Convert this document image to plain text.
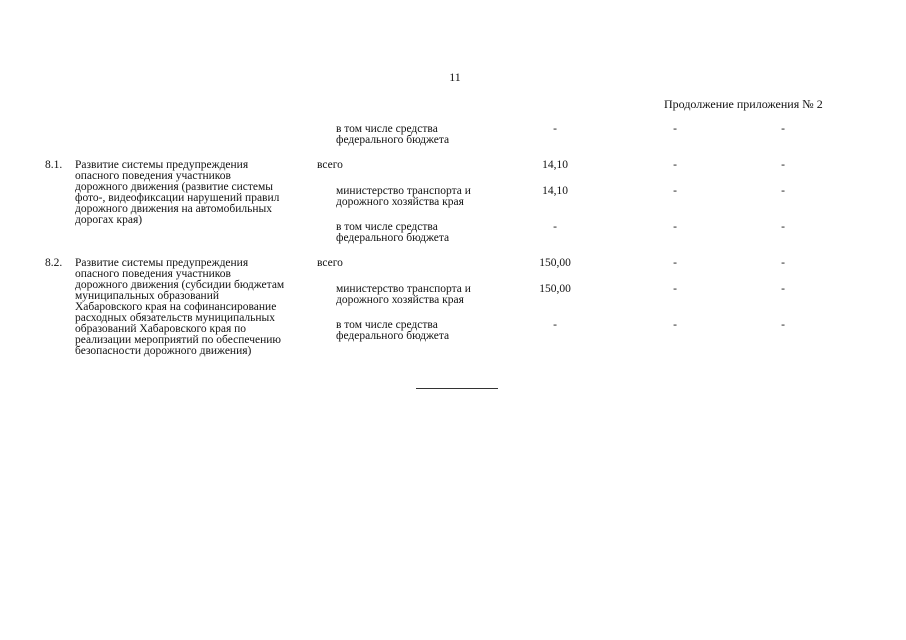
11
Продолжение приложения № 2
в том числе средства
федерального бюджета
-	-	-
8.1. Развитие системы предупреждения
опасного поведения участников
дорожного движения (развитие системы
фото-, видеофиксации нарушений правил
дорожного движения на автомобильных
дорогах края)
всего	14,10	-	-
министерство транспорта и
дорожного хозяйства края
14,10	-	-
в том числе средства
федерального бюджета
-	-	-
8.2. Развитие системы предупреждения
опасного поведения участников
дорожного движения (субсидии бюджетам
муниципальных образований
Хабаровского края на софинансирование
расходных обязательств муниципальных
образований Хабаровского края по
реализации мероприятий по обеспечению
безопасности дорожного движения)
всего	150,00	-	-
министерство транспорта и
дорожного хозяйства края
150,00	-	-
в том числе средства
федерального бюджета
-	-	-
